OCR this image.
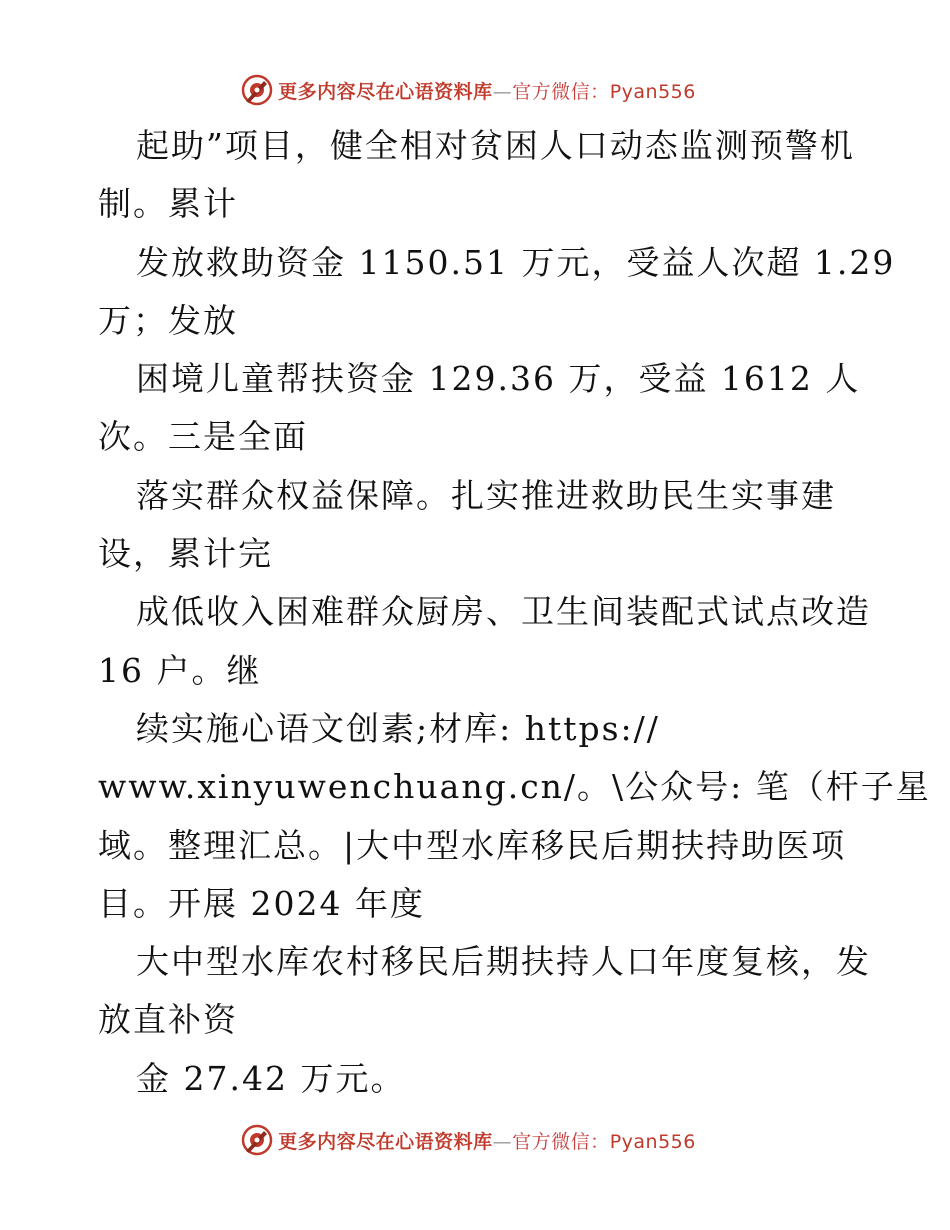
更多内容尽在心语资料库—官方微信：Pyan556
起助”项目，健全相对贫困人口动态监测预警机
制。累计
发放救助资金 1150.51 万元，受益人次超 1.29
万；发放
困境儿童帮扶资金 129.36 万，受益 1612 人
次。三是全面
落实群众权益保障。扎实推进救助民生实事建
设，累计完
成低收入困难群众厨房、卫生间装配式试点改造
16 户。继
续实施心语文创素;材库: https://
www.xinyuwenchuang.cn/。\公众号: 笔（杆子星
域。整理汇总。|大中型水库移民后期扶持助医项
目。开展 2024 年度
大中型水库农村移民后期扶持人口年度复核，发
放直补资
金 27.42 万元。
更多内容尽在心语资料库—官方微信：Pyan556
